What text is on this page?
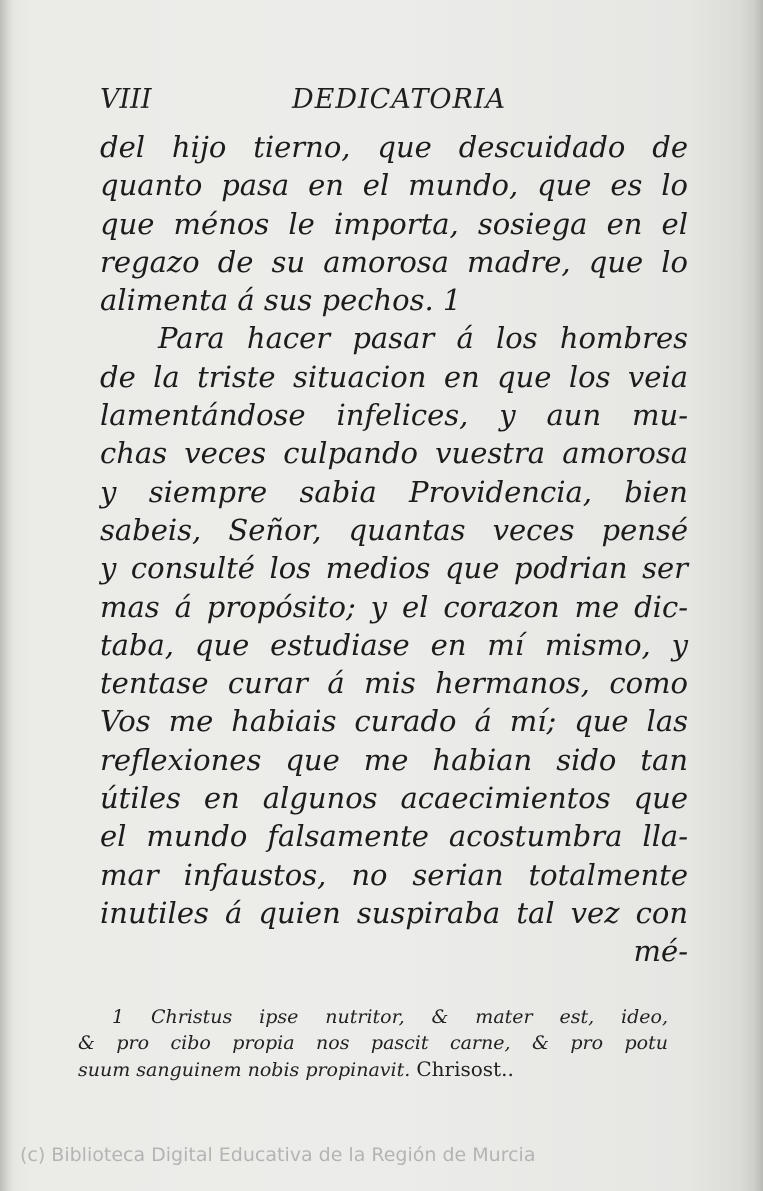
VIII	DEDICATORIA
del hijo tierno, que descuidado de
quanto pasa en el mundo, que es lo
que ménos le importa, sosiega en el
regazo de su amorosa madre, que lo
alimenta á sus pechos. 1
Para hacer pasar á los hombres
de la triste situacion en que los veia
lamentándose infelices, y aun mu-
chas veces culpando vuestra amorosa
y siempre sabia Providencia, bien
sabeis, Señor, quantas veces pensé
y consulté los medios que podrian ser
mas á propósito; y el corazon me dic-
taba, que estudiase en mí mismo, y
tentase curar á mis hermanos, como
Vos me habiais curado á mí; que las
reflexiones que me habian sido tan
útiles en algunos acaecimientos que
el mundo falsamente acostumbra lla-
mar infaustos, no serian totalmente
inutiles á quien suspiraba tal vez con
mé-
1 Christus ipse nutritor, & mater est, ideo,
& pro cibo propia nos pascit carne, & pro potu
suum sanguinem nobis propinavit. Chrisost..
(c) Biblioteca Digital Educativa de la Región de Murcia
